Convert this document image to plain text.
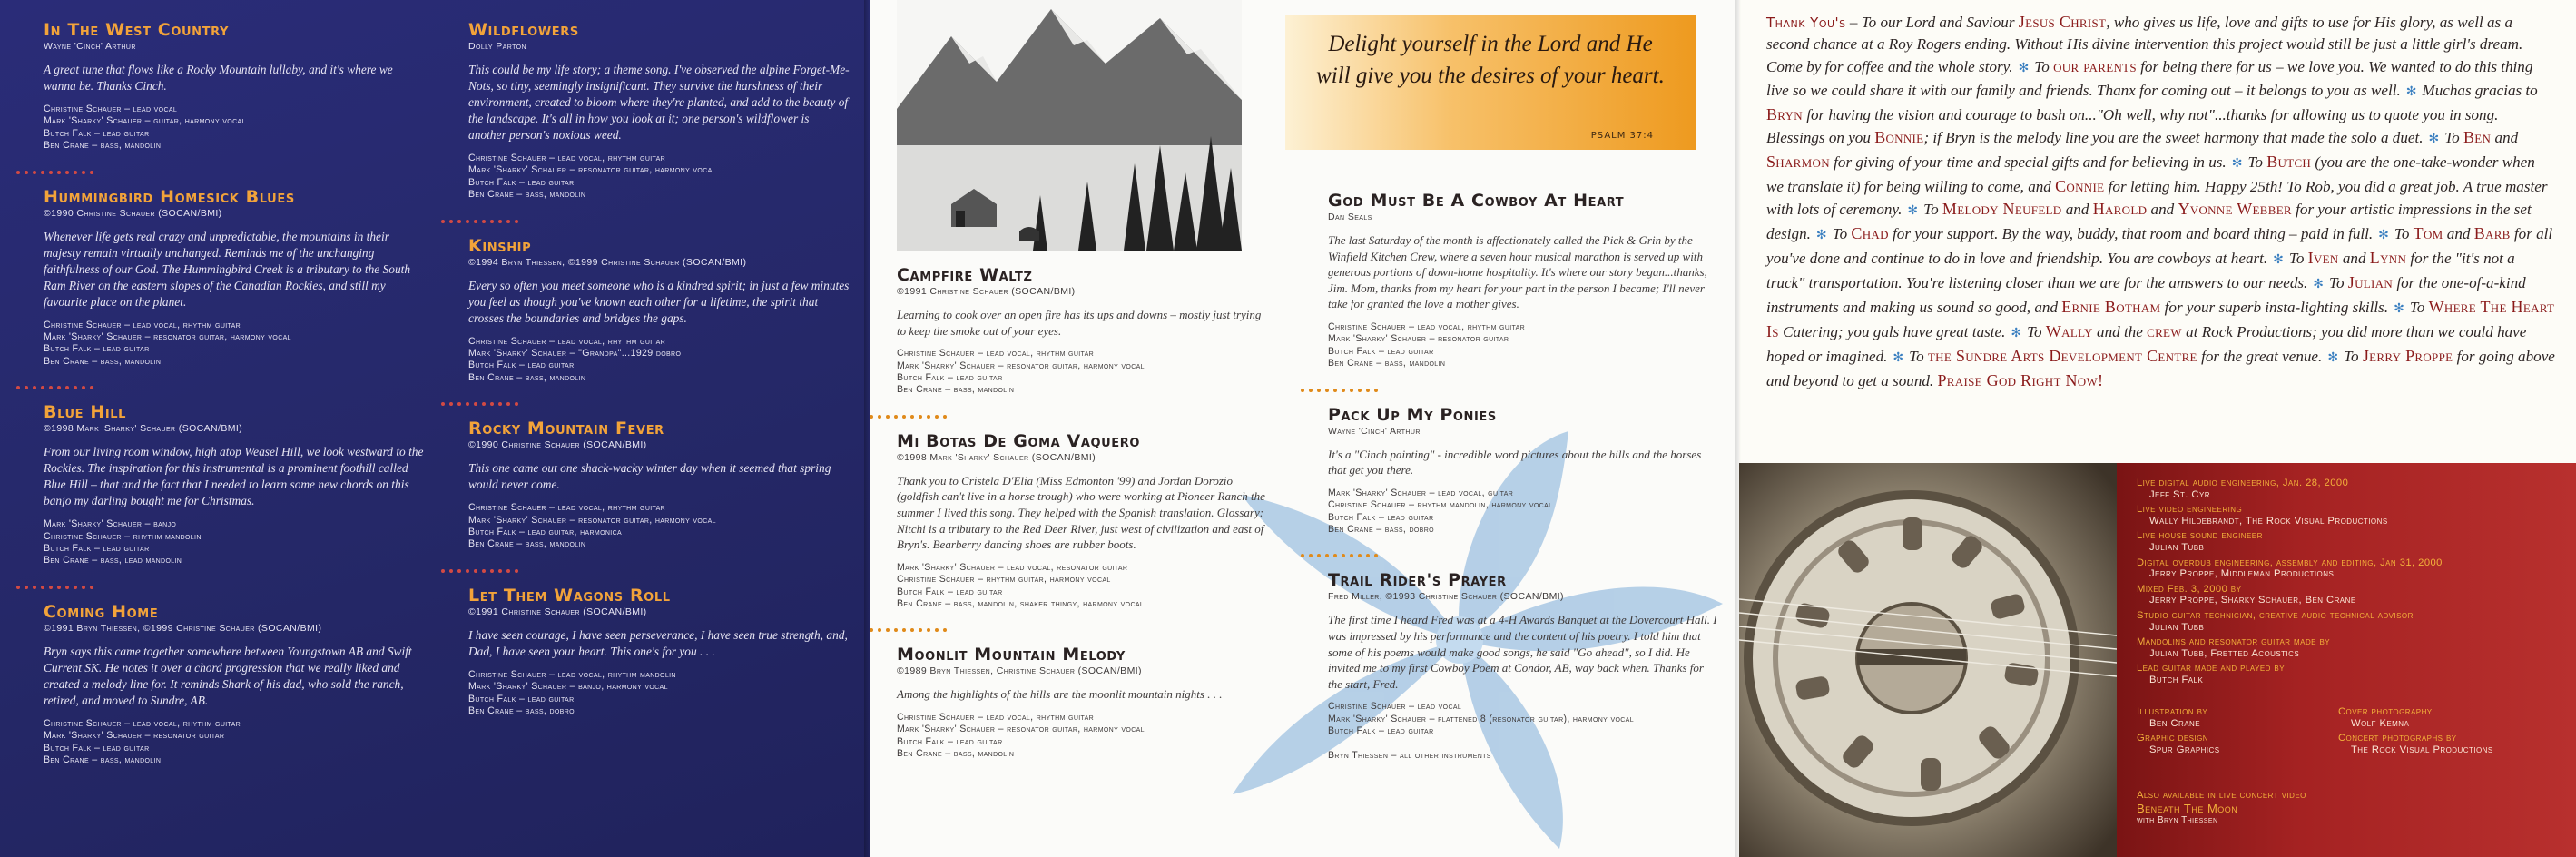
In The West Country

Wayne 'Cinch' Arthur

A great tune that flows like a Rocky Mountain lullaby, and it's where we wanna be. Thanks Cinch.

Christine Schauer – lead vocal
Mark 'Sharky' Schauer – guitar, harmony vocal
Butch Falk – lead guitar
Ben Crane – bass, mandolin
Hummingbird Homesick Blues

©1990 Christine Schauer (SOCAN/BMI)

Whenever life gets real crazy and unpredictable, the mountains in their majesty remain virtually unchanged. Reminds me of the unchanging faithfulness of our God. The Hummingbird Creek is a tributary to the South Ram River on the eastern slopes of the Canadian Rockies, and still my favourite place on the planet.

Christine Schauer – lead vocal, rhythm guitar
Mark 'Sharky' Schauer – resonator guitar, harmony vocal
Butch Falk – lead guitar
Ben Crane – bass, mandolin
Blue Hill

©1998 Mark 'Sharky' Schauer (SOCAN/BMI)

From our living room window, high atop Weasel Hill, we look westward to the Rockies. The inspiration for this instrumental is a prominent foothill called Blue Hill – that and the fact that I needed to learn some new chords on this banjo my darling bought me for Christmas.

Mark 'Sharky' Schauer – banjo
Christine Schauer – rhythm mandolin
Butch Falk – lead guitar
Ben Crane – bass, lead mandolin
Coming Home

©1991 Bryn Thiessen, ©1999 Christine Schauer (SOCAN/BMI)

Bryn says this came together somewhere between Youngstown AB and Swift Current SK. He notes it over a chord progression that we really liked and created a melody line for. It reminds Shark of his dad, who sold the ranch, retired, and moved to Sundre, AB.

Christine Schauer – lead vocal, rhythm guitar
Mark 'Sharky' Schauer – resonator guitar
Butch Falk – lead guitar
Ben Crane – bass, mandolin
Wildflowers

Dolly Parton

This could be my life story; a theme song. I've observed the alpine Forget-Me-Nots, so tiny, seemingly insignificant. They survive the harshness of their environment, created to bloom where they're planted, and add to the beauty of the landscape. It's all in how you look at it; one person's wildflower is another person's noxious weed.

Christine Schauer – lead vocal, rhythm guitar
Mark 'Sharky' Schauer – resonator guitar, harmony vocal
Butch Falk – lead guitar
Ben Crane – bass, mandolin
Kinship

©1994 Bryn Thiessen, ©1999 Christine Schauer (SOCAN/BMI)

Every so often you meet someone who is a kindred spirit; in just a few minutes you feel as though you've known each other for a lifetime, the spirit that crosses the boundaries and bridges the gaps.

Christine Schauer – lead vocal, rhythm guitar
Mark 'Sharky' Schauer – "Grandpa"...1929 dobro
Butch Falk – lead guitar
Ben Crane – bass, mandolin
Rocky Mountain Fever

©1990 Christine Schauer (SOCAN/BMI)

This one came out one shack-wacky winter day when it seemed that spring would never come.

Christine Schauer – lead vocal, rhythm guitar
Mark 'Sharky' Schauer – resonator guitar, harmony vocal
Butch Falk – lead guitar, harmonica
Ben Crane – bass, mandolin
Let Them Wagons Roll

©1991 Christine Schauer (SOCAN/BMI)

I have seen courage, I have seen perseverance, I have seen true strength, and, Dad, I have seen your heart. This one's for you . . .

Christine Schauer – lead vocal, rhythm mandolin
Mark 'Sharky' Schauer – banjo, harmony vocal
Butch Falk – lead guitar
Ben Crane – bass, dobro

Delight yourself in the Lord and He will give you the desires of your heart.

PSALM 37:4
Campfire Waltz

©1991 Christine Schauer (SOCAN/BMI)

Learning to cook over an open fire has its ups and downs – mostly just trying to keep the smoke out of your eyes.

Christine Schauer – lead vocal, rhythm guitar
Mark 'Sharky' Schauer – resonator guitar, harmony vocal
Butch Falk – lead guitar
Ben Crane – bass, mandolin
Mi Botas De Goma Vaquero

©1998 Mark 'Sharky' Schauer (SOCAN/BMI)

Thank you to Cristela D'Elia (Miss Edmonton '99) and Jordan Dorozio (goldfish can't live in a horse trough) who were working at Pioneer Ranch the summer I lived this song. They helped with the Spanish translation. Glossary: Nitchi is a tributary to the Red Deer River, just west of civilization and east of Bryn's. Bearberry dancing shoes are rubber boots.

Mark 'Sharky' Schauer – lead vocal, resonator guitar
Christine Schauer – rhythm guitar, harmony vocal
Butch Falk – lead guitar
Ben Crane – bass, mandolin, shaker thingy, harmony vocal
Moonlit Mountain Melody

©1989 Bryn Thiessen, Christine Schauer (SOCAN/BMI)

Among the highlights of the hills are the moonlit mountain nights . . .

Christine Schauer – lead vocal, rhythm guitar
Mark 'Sharky' Schauer – resonator guitar, harmony vocal
Butch Falk – lead guitar
Ben Crane – bass, mandolin
God Must Be A Cowboy At Heart

Dan Seals

The last Saturday of the month is affectionately called the Pick & Grin by the Winfield Kitchen Crew, where a seven hour musical marathon is served up with generous portions of down-home hospitality. It's where our story began...thanks, Jim. Mom, thanks from my heart for your part in the person I became; I'll never take for granted the love a mother gives.

Christine Schauer – lead vocal, rhythm guitar
Mark 'Sharky' Schauer – resonator guitar
Butch Falk – lead guitar
Ben Crane – bass, mandolin
Pack Up My Ponies

Wayne 'Cinch' Arthur

It's a "Cinch painting" - incredible word pictures about the hills and the horses that get you there.

Mark 'Sharky' Schauer – lead vocal, guitar
Christine Schauer – rhythm mandolin, harmony vocal
Butch Falk – lead guitar
Ben Crane – bass, dobro
Trail Rider's Prayer

Fred Miller, ©1993 Christine Schauer (SOCAN/BMI)

The first time I heard Fred was at a 4-H Awards Banquet at the Dovercourt Hall. I was impressed by his performance and the content of his poetry. I told him that some of his poems would make good songs, he said "Go ahead", so I did. He invited me to my first Cowboy Poem at Condor, AB, way back when. Thanks for the start, Fred.

Christine Schauer – lead vocal
Mark 'Sharky' Schauer – flattened 8 (resonator guitar), harmony vocal
Butch Falk – lead guitar

Bryn Thiessen – all other instruments

Thank You's – To our Lord and Saviour Jesus Christ, who gives us life, love and gifts to use for His glory, as well as a second chance at a Roy Rogers ending. Without His divine intervention this project would still be just a little girl's dream. Come by for coffee and the whole story. ✻ To our parents for being there for us – we love you. We wanted to do this thing live so we could share it with our family and friends. Thanx for coming out – it belongs to you as well. ✻ Muchas gracias to Bryn for having the vision and courage to bash on..."Oh well, why not"...thanks for allowing us to quote you in song. Blessings on you Bonnie; if Bryn is the melody line you are the sweet harmony that made the solo a duet. ✻ To Ben and Sharmon for giving of your time and special gifts and for believing in us. ✻ To Butch (you are the one-take-wonder when we translate it) for being willing to come, and Connie for letting him. Happy 25th! To Rob, you did a great job. A true master with lots of ceremony. ✻ To Melody Neufeld and Harold and Yvonne Webber for your artistic impressions in the set design. ✻ To Chad for your support. By the way, buddy, that room and board thing – paid in full. ✻ To Tom and Barb for all you've done and continue to do in love and friendship. You are cowboys at heart. ✻ To Iven and Lynn for the "it's not a truck" transportation. You're listening closer than we are for the amswers to our needs. ✻ To Julian for the one-of-a-kind instruments and making us sound so good, and Ernie Botham for your superb insta-lighting skills. ✻ To Where The Heart Is Catering; you gals have great taste. ✻ To Wally and the crew at Rock Productions; you did more than we could have hoped or imagined. ✻ To the Sundre Arts Development Centre for the great venue. ✻ To Jerry Proppe for going above and beyond to get a sound. Praise God Right Now!

Live digital audio engineering, Jan. 28, 2000
Jeff St. Cyr
Live video engineering
Wally Hildebrandt, The Rock Visual Productions
Live house sound engineer
Julian Tubb
Digital overdub engineering, assembly and editing, Jan 31, 2000
Jerry Proppe, Middleman Productions
Mixed Feb. 3, 2000 by
Jerry Proppe, Sharky Schauer, Ben Crane
Studio guitar technician, creative audio technical advisor
Julian Tubb
Mandolins and resonator guitar made by
Julian Tubb, Fretted Acoustics
Lead guitar made and played by
Butch Falk
Illustration by
Ben Crane
Graphic design
Spur Graphics
Cover photography
Wolf Kemna
Concert photographs by
The Rock Visual Productions
Also available in live concert video
Beneath The Moon
with Bryn Thiessen
